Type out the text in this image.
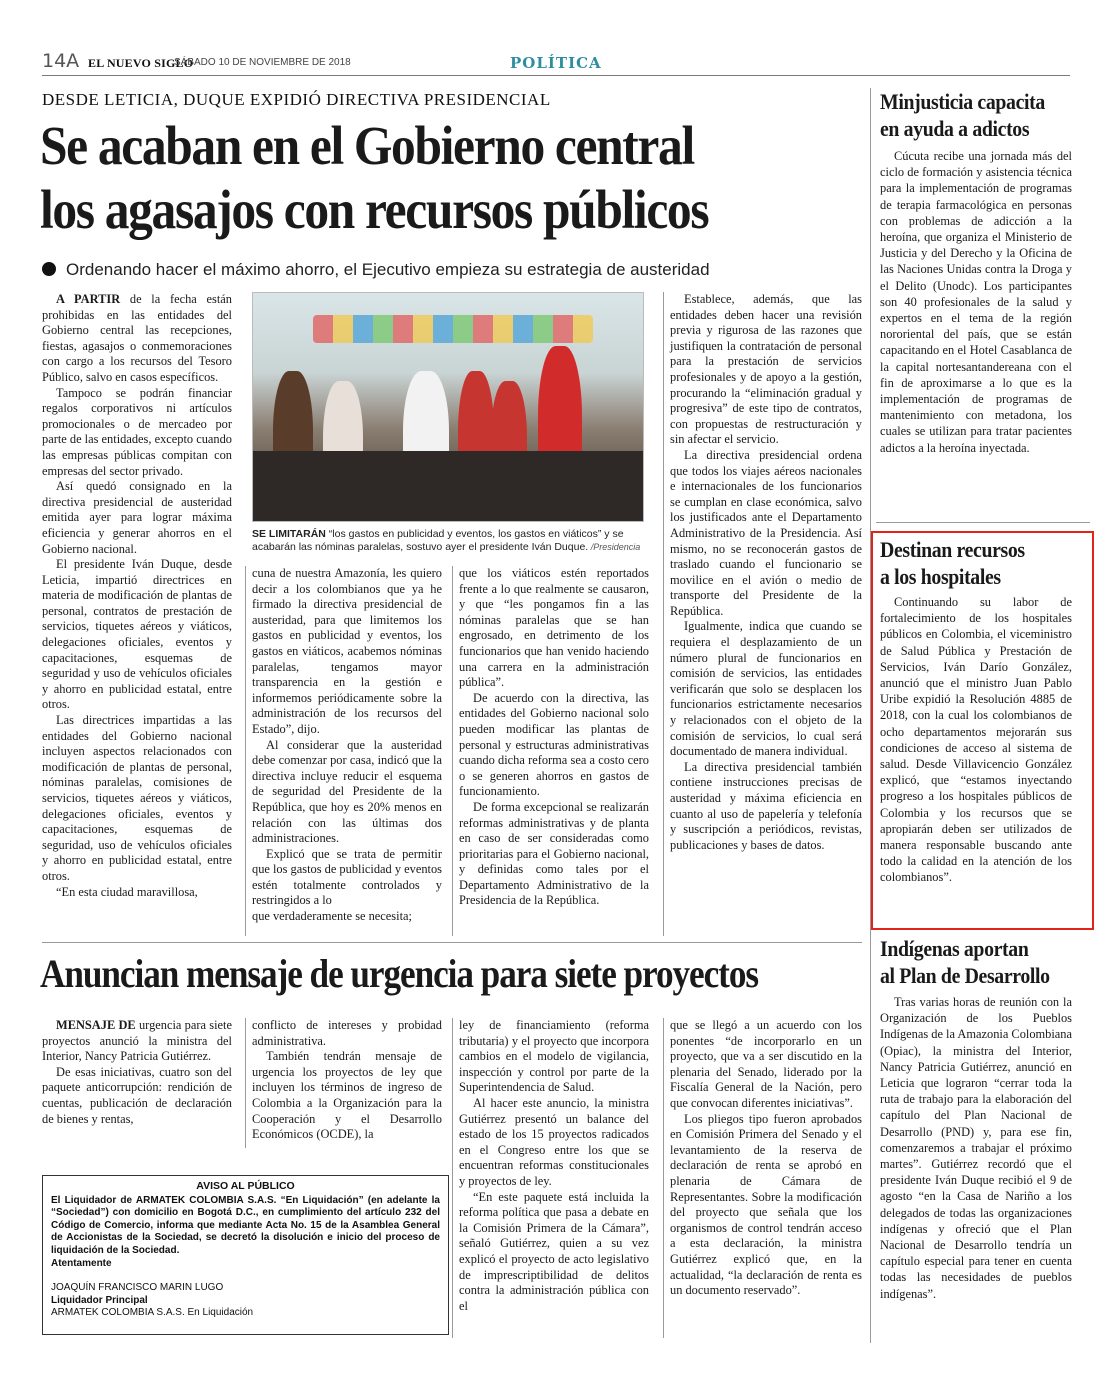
14A EL NUEVO SIGLO
SÁBADO 10 DE NOVIEMBRE DE 2018	POLÍTICA
DESDE LETICIA, DUQUE EXPIDIÓ DIRECTIVA PRESIDENCIAL
Se acaban en el Gobierno central
los agasajos con recursos públicos
Ordenando hacer el máximo ahorro, el Ejecutivo empieza su estrategia de austeridad

A PARTIR de la fecha están prohibidas en las entidades del Gobierno central las recepciones, fiestas, agasajos o conmemoraciones con cargo a los recursos del Tesoro Público, salvo en casos específicos.

Tampoco se podrán financiar regalos corporativos ni artículos promocionales o de mercadeo por parte de las entidades, excepto cuando las empresas públicas compitan con empresas del sector privado.

Así quedó consignado en la directiva presidencial de austeridad emitida ayer para lograr máxima eficiencia y generar ahorros en el Gobierno nacional.

El presidente Iván Duque, desde Leticia, impartió directrices en materia de modificación de plantas de personal, contratos de prestación de servicios, tiquetes aéreos y viáticos, delegaciones oficiales, eventos y capacitaciones, esquemas de seguridad y uso de vehículos oficiales y ahorro en publicidad estatal, entre otros.

Las directrices impartidas a las entidades del Gobierno nacional incluyen aspectos relacionados con modificación de plantas de personal, nóminas paralelas, comisiones de servicios, tiquetes aéreos y viáticos, delegaciones oficiales, eventos y capacitaciones, esquemas de seguridad, uso de vehículos oficiales y ahorro en publicidad estatal, entre otros.

“En esta ciudad maravillosa,

SE LIMITARÁN “los gastos en publicidad y eventos, los gastos en viáticos” y se acabarán las nóminas paralelas, sostuvo ayer el presidente Iván Duque. /Presidencia

cuna de nuestra Amazonía, les quiero decir a los colombianos que ya he firmado la directiva presidencial de austeridad, para que limitemos los gastos en publicidad y eventos, los gastos en viáticos, acabemos nóminas paralelas, tengamos mayor transparencia en la gestión e informemos periódicamente sobre la administración de los recursos del Estado”, dijo.

Al considerar que la austeridad debe comenzar por casa, indicó que la directiva incluye reducir el esquema de seguridad del Presidente de la República, que hoy es 20% menos en relación con las últimas dos administraciones.

Explicó que se trata de permitir que los gastos de publicidad y eventos estén totalmente controlados y restringidos a lo

que verdaderamente se necesita;

que los viáticos estén reportados frente a lo que realmente se causaron, y que “les pongamos fin a las nóminas paralelas que se han engrosado, en detrimento de los funcionarios que han venido haciendo una carrera en la administración pública”.

De acuerdo con la directiva, las entidades del Gobierno nacional solo pueden modificar las plantas de personal y estructuras administrativas cuando dicha reforma sea a costo cero o se generen ahorros en gastos de funcionamiento.

De forma excepcional se realizarán reformas administrativas y de planta en caso de ser consideradas como prioritarias para el Gobierno nacional, y definidas como tales por el Departamento Administrativo de la Presidencia de la República.

Establece, además, que las entidades deben hacer una revisión previa y rigurosa de las razones que justifiquen la contratación de personal para la prestación de servicios profesionales y de apoyo a la gestión, procurando la “eliminación gradual y progresiva” de este tipo de contratos, con propuestas de restructuración y sin afectar el servicio.

La directiva presidencial ordena que todos los viajes aéreos nacionales e internacionales de los funcionarios se cumplan en clase económica, salvo los justificados ante el Departamento Administrativo de la Presidencia. Así mismo, no se reconocerán gastos de traslado cuando el funcionario se movilice en el avión o medio de transporte del Presidente de la República.

Igualmente, indica que cuando se requiera el desplazamiento de un número plural de funcionarios en comisión de servicios, las entidades verificarán que solo se desplacen los funcionarios estrictamente necesarios y relacionados con el objeto de la comisión de servicios, lo cual será documentado de manera individual.

La directiva presidencial también contiene instrucciones precisas de austeridad y máxima eficiencia en cuanto al uso de papelería y telefonía y suscripción a periódicos, revistas, publicaciones y bases de datos.

Minjusticia capacita
en ayuda a adictos

Cúcuta recibe una jornada más del ciclo de formación y asistencia técnica para la implementación de programas de terapia farmacológica en personas con problemas de adicción a la heroína, que organiza el Ministerio de Justicia y del Derecho y la Oficina de las Naciones Unidas contra la Droga y el Delito (Unodc). Los participantes son 40 profesionales de la salud y expertos en el tema de la región nororiental del país, que se están capacitando en el Hotel Casablanca de la capital nortesantandereana con el fin de aproximarse a lo que es la implementación de programas de mantenimiento con metadona, los cuales se utilizan para tratar pacientes adictos a la heroína inyectada.

Destinan recursos
a los hospitales

Continuando su labor de fortalecimiento de los hospitales públicos en Colombia, el viceministro de Salud Pública y Prestación de Servicios, Iván Darío González, anunció que el ministro Juan Pablo Uribe expidió la Resolución 4885 de 2018, con la cual los colombianos de ocho departamentos mejorarán sus condiciones de acceso al sistema de salud. Desde Villavicencio González explicó, que “estamos inyectando progreso a los hospitales públicos de Colombia y los recursos que se apropiarán deben ser utilizados de manera responsable buscando ante todo la calidad en la atención de los colombianos”.

Indígenas aportan
al Plan de Desarrollo

Tras varias horas de reunión con la Organización de los Pueblos Indígenas de la Amazonia Colombiana (Opiac), la ministra del Interior, Nancy Patricia Gutiérrez, anunció en Leticia que lograron “cerrar toda la ruta de trabajo para la elaboración del capítulo del Plan Nacional de Desarrollo (PND) y, para ese fin, comenzaremos a trabajar el próximo martes”. Gutiérrez recordó que el presidente Iván Duque recibió el 9 de agosto “en la Casa de Nariño a los delegados de todas las organizaciones indígenas y ofreció que el Plan Nacional de Desarrollo tendría un capítulo especial para tener en cuenta todas las necesidades de pueblos indígenas”.

Anuncian mensaje de urgencia para siete proyectos

MENSAJE DE urgencia para siete proyectos anunció la ministra del Interior, Nancy Patricia Gutiérrez.

De esas iniciativas, cuatro son del paquete anticorrupción: rendición de cuentas, publicación de declaración de bienes y rentas,

conflicto de intereses y probidad administrativa.

También tendrán mensaje de urgencia los proyectos de ley que incluyen los términos de ingreso de Colombia a la Organización para la Cooperación y el Desarrollo Económicos (OCDE), la

ley de financiamiento (reforma tributaria) y el proyecto que incorpora cambios en el modelo de vigilancia, inspección y control por parte de la Superintendencia de Salud.

Al hacer este anuncio, la ministra Gutiérrez presentó un balance del estado de los 15 proyectos radicados en el Congreso entre los que se encuentran reformas constitucionales y proyectos de ley.

“En este paquete está incluida la reforma política que pasa a debate en la Comisión Primera de la Cámara”, señaló Gutiérrez, quien a su vez explicó el proyecto de acto legislativo de imprescriptibilidad de delitos contra la administración pública con el

que se llegó a un acuerdo con los ponentes “de incorporarlo en un proyecto, que va a ser discutido en la plenaria del Senado, liderado por la Fiscalía General de la Nación, pero que convocan diferentes iniciativas”.

Los pliegos tipo fueron aprobados en Comisión Primera del Senado y el levantamiento de la reserva de declaración de renta se aprobó en plenaria de Cámara de Representantes. Sobre la modificación del proyecto que señala que los organismos de control tendrán acceso a esta declaración, la ministra Gutiérrez explicó que, en la actualidad, “la declaración de renta es un documento reservado”.

AVISO AL PÚBLICO
El Liquidador de ARMATEK COLOMBIA S.A.S. “En Liquidación” (en adelante la “Sociedad”) con domicilio en Bogotá D.C., en cumplimiento del artículo 232 del Código de Comercio, informa que mediante Acta No. 15 de la Asamblea General de Accionistas de la Sociedad, se decretó la disolución e inicio del proceso de liquidación de la Sociedad.
Atentamente
JOAQUÍN FRANCISCO MARIN LUGO
Liquidador Principal
ARMATEK COLOMBIA S.A.S. En Liquidación
